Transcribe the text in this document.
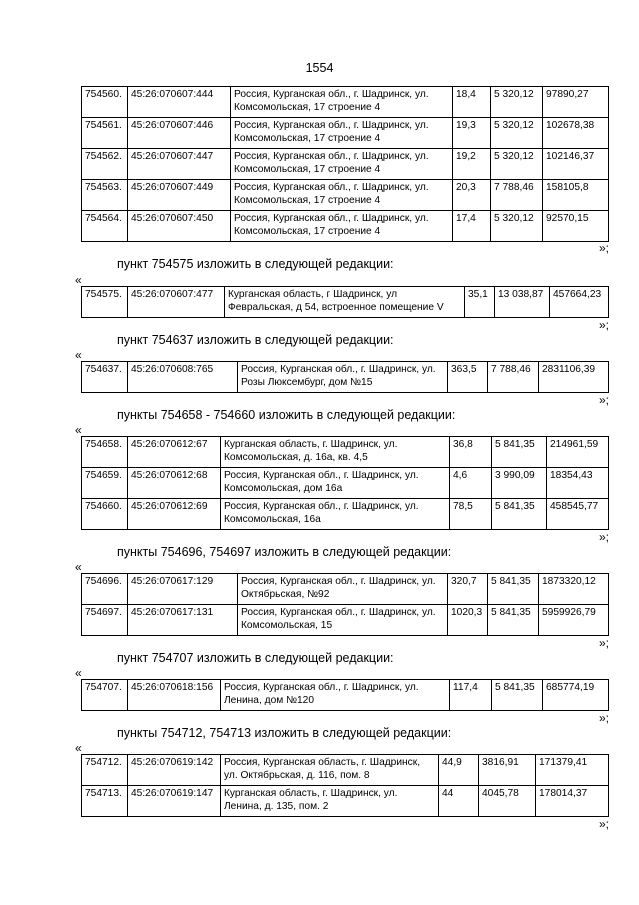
1554
754560.	45:26:070607:444	Россия, Курганская обл., г. Шадринск, ул. Комсомольская, 17 строение 4	18,4	5 320,12	97890,27
754561.	45:26:070607:446	Россия, Курганская обл., г. Шадринск, ул. Комсомольская, 17 строение 4	19,3	5 320,12	102678,38
754562.	45:26:070607:447	Россия, Курганская обл., г. Шадринск, ул. Комсомольская, 17 строение 4	19,2	5 320,12	102146,37
754563.	45:26:070607:449	Россия, Курганская обл., г. Шадринск, ул. Комсомольская, 17 строение 4	20,3	7 788,46	158105,8
754564.	45:26:070607:450	Россия, Курганская обл., г. Шадринск, ул. Комсомольская, 17 строение 4	17,4	5 320,12	92570,15
»;
пункт 754575 изложить в следующей редакции:
«
754575.	45:26:070607:477	Курганская область, г Шадринск, ул Февральская, д 54, встроенное помещение V	35,1	13 038,87	457664,23
»;
пункт 754637 изложить в следующей редакции:
«
754637.	45:26:070608:765	Россия, Курганская обл., г. Шадринск, ул. Розы Люксембург, дом №15	363,5	7 788,46	2831106,39
»;
пункты 754658 - 754660 изложить в следующей редакции:
«
754658.	45:26:070612:67	Курганская область, г. Шадринск, ул. Комсомольская, д. 16а, кв. 4,5	36,8	5 841,35	214961,59
754659.	45:26:070612:68	Россия, Курганская обл., г. Шадринск, ул. Комсомольская, дом 16а	4,6	3 990,09	18354,43
754660.	45:26:070612:69	Россия, Курганская обл., г. Шадринск, ул. Комсомольская, 16а	78,5	5 841,35	458545,77
»;
пункты 754696, 754697 изложить в следующей редакции:
«
754696.	45:26:070617:129	Россия, Курганская обл., г. Шадринск, ул. Октябрьская, №92	320,7	5 841,35	1873320,12
754697.	45:26:070617:131	Россия, Курганская обл., г. Шадринск, ул. Комсомольская, 15	1020,3	5 841,35	5959926,79
»;
пункт 754707 изложить в следующей редакции:
«
754707.	45:26:070618:156	Россия, Курганская обл., г. Шадринск, ул. Ленина, дом №120	117,4	5 841,35	685774,19
»;
пункты 754712, 754713 изложить в следующей редакции:
«
754712.	45:26:070619:142	Россия, Курганская область, г. Шадринск, ул. Октябрьская, д. 116, пом. 8	44,9	3816,91	171379,41
754713.	45:26:070619:147	Курганская область, г. Шадринск, ул. Ленина, д. 135, пом. 2	44	4045,78	178014,37
»;
